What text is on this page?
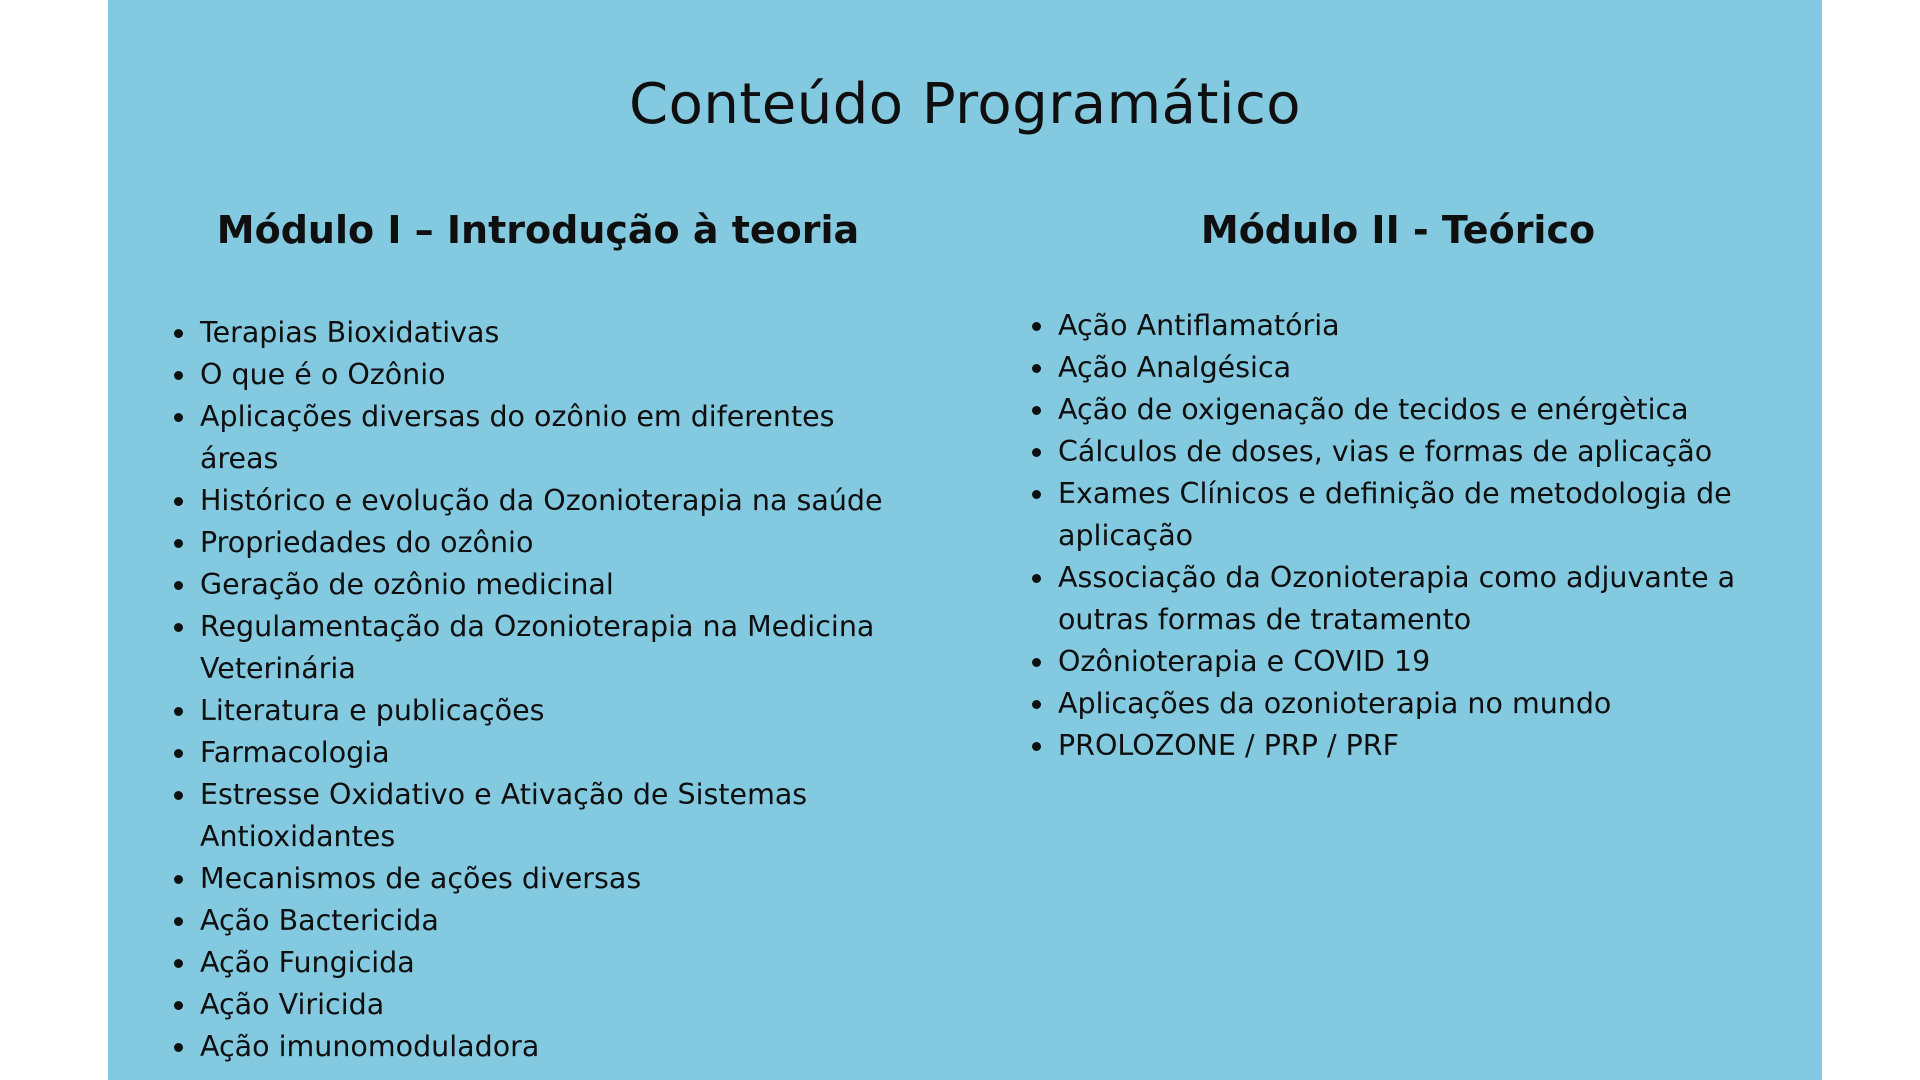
Conteúdo Programático
Módulo I – Introdução à teoria
Terapias Bioxidativas
O que é o Ozônio
Aplicações diversas do ozônio em diferentes áreas
Histórico e evolução da Ozonioterapia na saúde
Propriedades do ozônio
Geração de ozônio medicinal
Regulamentação da Ozonioterapia na Medicina Veterinária
Literatura e publicações
Farmacologia
Estresse Oxidativo e Ativação de Sistemas Antioxidantes
Mecanismos de ações diversas
Ação Bactericida
Ação Fungicida
Ação Viricida
Ação imunomoduladora
Módulo II - Teórico
Ação Antiflamatória
Ação Analgésica
Ação de oxigenação de tecidos e enérgètica
Cálculos de doses, vias e formas de aplicação
Exames Clínicos e definição de metodologia de aplicação
Associação da Ozonioterapia como adjuvante a outras formas de tratamento
Ozônioterapia e COVID 19
Aplicações da ozonioterapia no mundo
PROLOZONE / PRP / PRF
